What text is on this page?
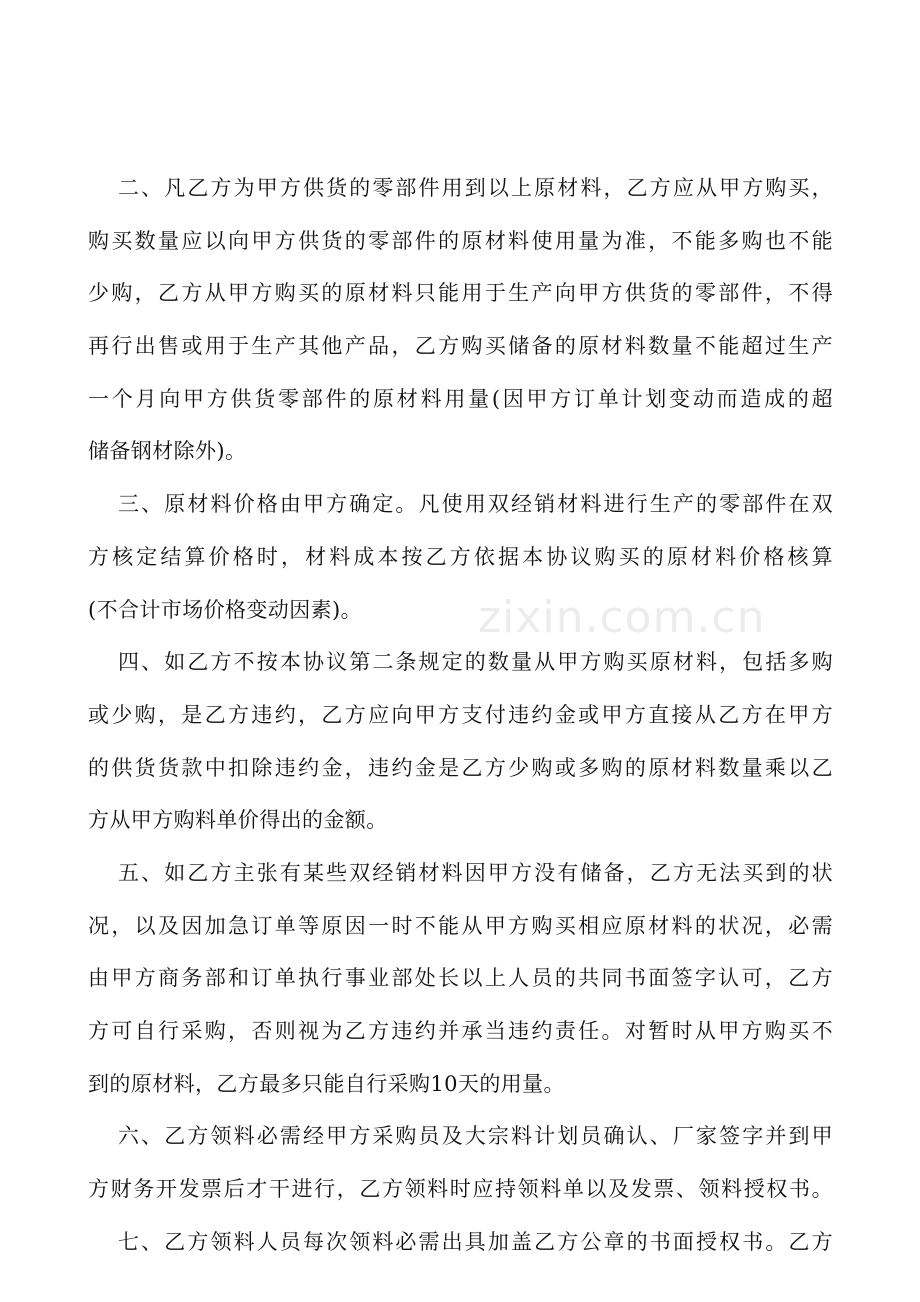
二、凡乙方为甲方供货的零部件用到以上原材料，乙方应从甲方购买，
购买数量应以向甲方供货的零部件的原材料使用量为准，不能多购也不能
少购，乙方从甲方购买的原材料只能用于生产向甲方供货的零部件，不得
再行出售或用于生产其他产品，乙方购买储备的原材料数量不能超过生产
一个月向甲方供货零部件的原材料用量(因甲方订单计划变动而造成的超
储备钢材除外)。
三、原材料价格由甲方确定。凡使用双经销材料进行生产的零部件在双
方核定结算价格时，材料成本按乙方依据本协议购买的原材料价格核算
(不合计市场价格变动因素)。
四、如乙方不按本协议第二条规定的数量从甲方购买原材料，包括多购
或少购，是乙方违约，乙方应向甲方支付违约金或甲方直接从乙方在甲方
的供货货款中扣除违约金，违约金是乙方少购或多购的原材料数量乘以乙
方从甲方购料单价得出的金额。
五、如乙方主张有某些双经销材料因甲方没有储备，乙方无法买到的状
况，以及因加急订单等原因一时不能从甲方购买相应原材料的状况，必需
由甲方商务部和订单执行事业部处长以上人员的共同书面签字认可，乙方
方可自行采购，否则视为乙方违约并承当违约责任。对暂时从甲方购买不
到的原材料，乙方最多只能自行采购10天的用量。
六、乙方领料必需经甲方采购员及大宗料计划员确认、厂家签字并到甲
方财务开发票后才干进行，乙方领料时应持领料单以及发票、领料授权书。
七、乙方领料人员每次领料必需出具加盖乙方公章的书面授权书。乙方
zixin.com.cn
